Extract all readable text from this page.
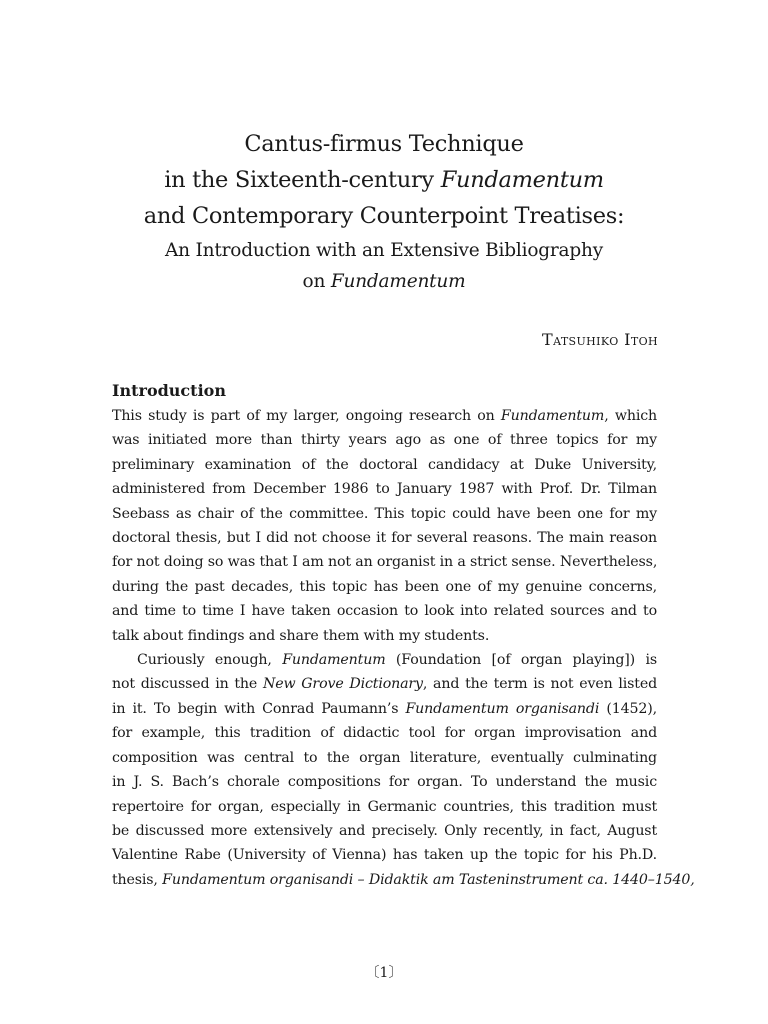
Cantus-firmus Technique
in the Sixteenth-century Fundamentum
and Contemporary Counterpoint Treatises:
An Introduction with an Extensive Bibliography
on Fundamentum
Tatsuhiko Itoh
Introduction
This study is part of my larger, ongoing research on Fundamentum, which
was initiated more than thirty years ago as one of three topics for my
preliminary examination of the doctoral candidacy at Duke University,
administered from December 1986 to January 1987 with Prof. Dr. Tilman
Seebass as chair of the committee. This topic could have been one for my
doctoral thesis, but I did not choose it for several reasons. The main reason
for not doing so was that I am not an organist in a strict sense. Nevertheless,
during the past decades, this topic has been one of my genuine concerns,
and time to time I have taken occasion to look into related sources and to
talk about findings and share them with my students.
Curiously enough, Fundamentum (Foundation [of organ playing]) is
not discussed in the New Grove Dictionary, and the term is not even listed
in it. To begin with Conrad Paumann’s Fundamentum organisandi (1452),
for example, this tradition of didactic tool for organ improvisation and
composition was central to the organ literature, eventually culminating
in J. S. Bach’s chorale compositions for organ. To understand the music
repertoire for organ, especially in Germanic countries, this tradition must
be discussed more extensively and precisely. Only recently, in fact, August
Valentine Rabe (University of Vienna) has taken up the topic for his Ph.D.
thesis, Fundamentum organisandi – Didaktik am Tasteninstrument ca. 1440–1540,
〔1〕
